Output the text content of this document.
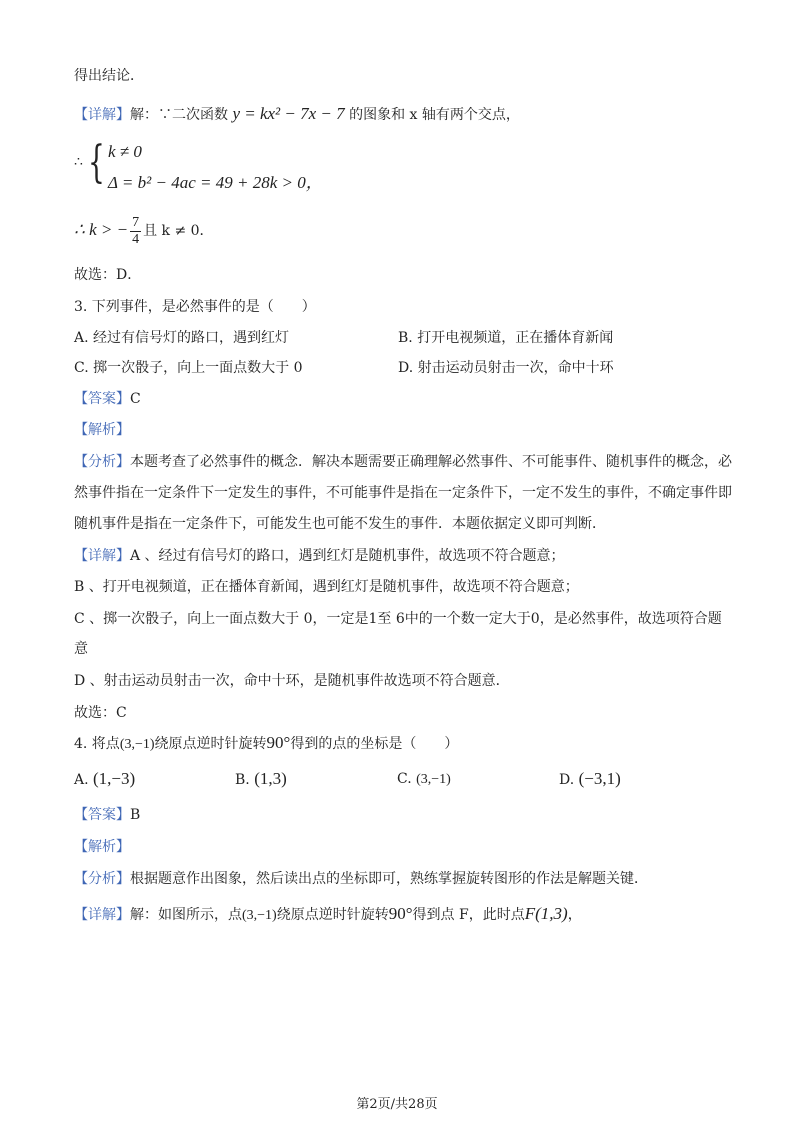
得出结论．
【详解】解：∵二次函数 y = kx² − 7x − 7 的图象和 x 轴有两个交点，
∴ { k ≠ 0
Δ = b² − 4ac = 49 + 28k > 0，
∴ k > − $\frac{7}{4}$ 且 k ≠ 0．
故选：D．
3. 下列事件，是必然事件的是（　　）
A. 经过有信号灯的路口，遇到红灯	B. 打开电视频道，正在播体育新闻
C. 掷一次骰子，向上一面点数大于 0	D. 射击运动员射击一次，命中十环
【答案】C
【解析】
【分析】本题考查了必然事件的概念．解决本题需要正确理解必然事件、不可能事件、随机事件的概念，必
然事件指在一定条件下一定发生的事件，不可能事件是指在一定条件下，一定不发生的事件，不确定事件即
随机事件是指在一定条件下，可能发生也可能不发生的事件．本题依据定义即可判断．
【详解】A 、经过有信号灯的路口，遇到红灯是随机事件，故选项不符合题意；
B 、打开电视频道，正在播体育新闻，遇到红灯是随机事件，故选项不符合题意；
C 、掷一次骰子，向上一面点数大于 0，一定是1至 6中的一个数一定大于0，是必然事件，故选项符合题
意
D 、射击运动员射击一次，命中十环，是随机事件故选项不符合题意．
故选：C
4. 将点(3,−1)绕原点逆时针旋转90°得到的点的坐标是（　　）
A. (1,−3)	B. (1,3)	C. (3,−1)	D. (−3,1)
【答案】B
【解析】
【分析】根据题意作出图象，然后读出点的坐标即可，熟练掌握旋转图形的作法是解题关键．
【详解】解：如图所示，点(3,−1)绕原点逆时针旋转90°得到点 F，此时点F(1,3)，
第2页/共28页
